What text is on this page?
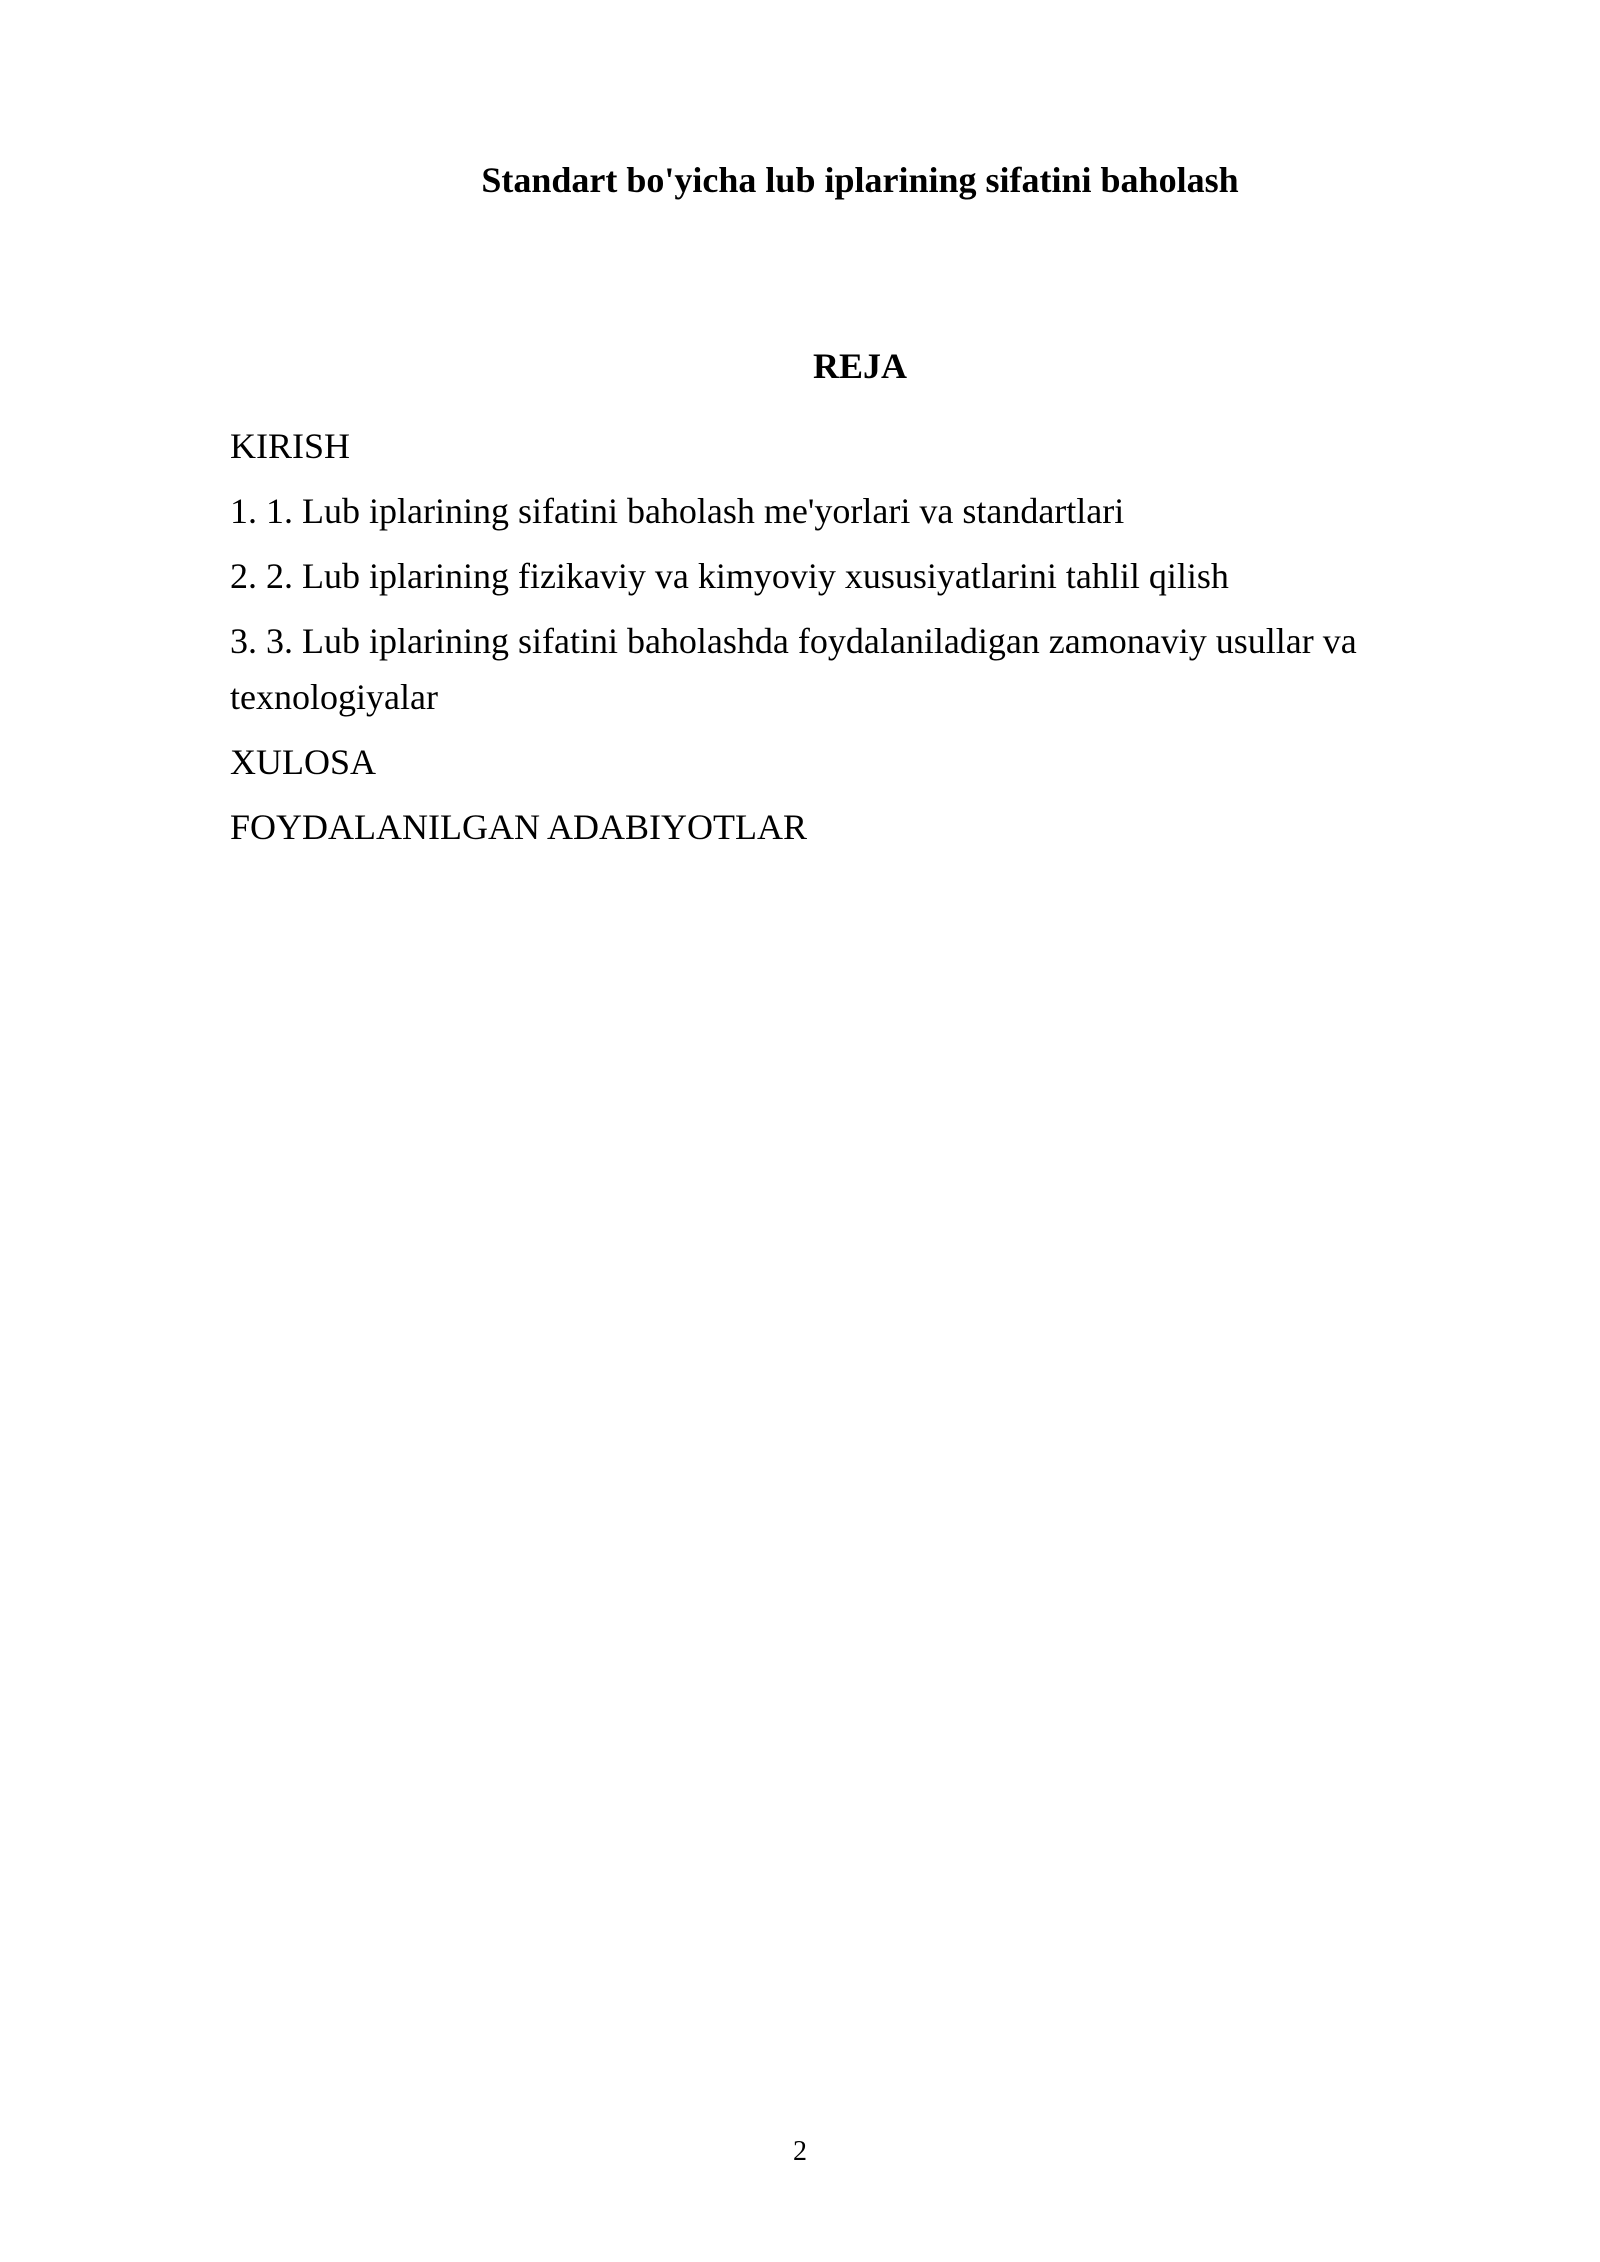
Standart bo'yicha lub iplarining sifatini baholash
REJA
KIRISH
1. 1. Lub iplarining sifatini baholash me'yorlari va standartlari
2. 2. Lub iplarining fizikaviy va kimyoviy xususiyatlarini tahlil qilish
3. 3. Lub iplarining sifatini baholashda foydalaniladigan zamonaviy usullar va texnologiyalar
XULOSA
FOYDALANILGAN ADABIYOTLAR
2
